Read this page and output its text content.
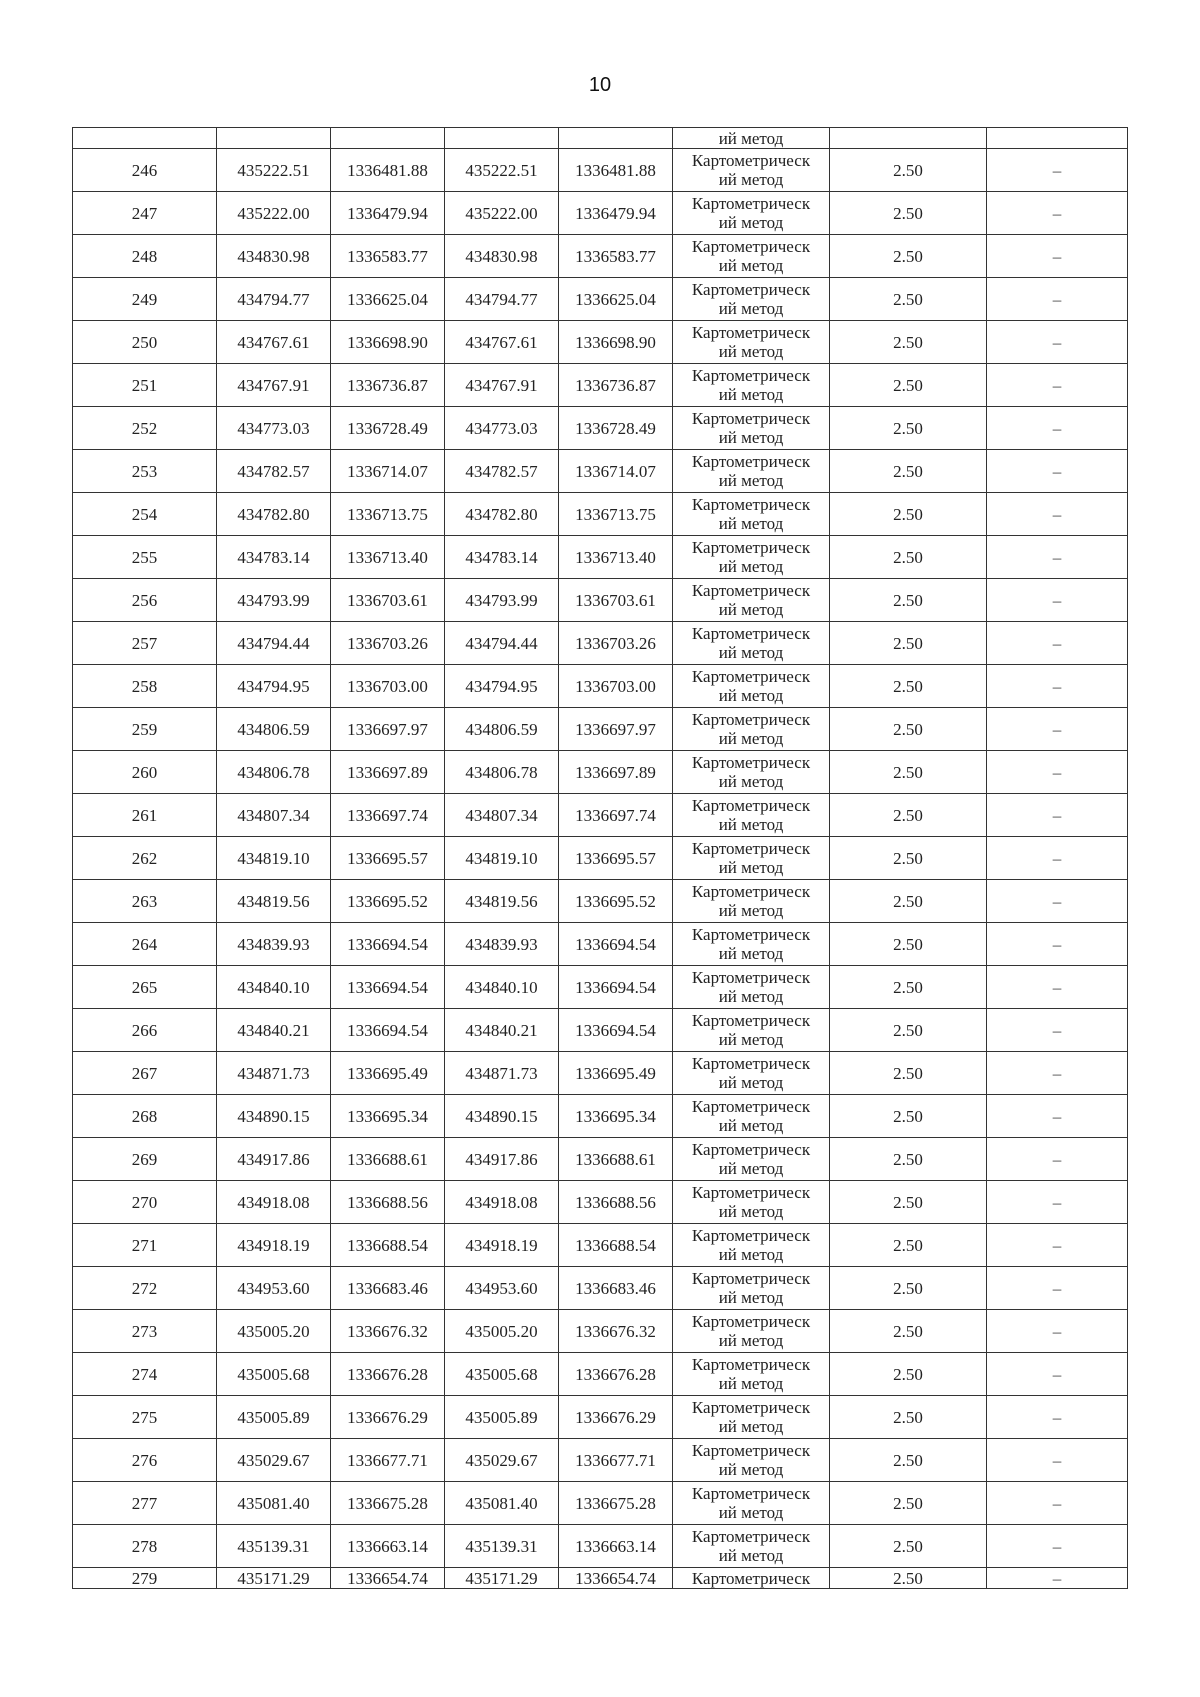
10
					ий метод		
246	435222.51	1336481.88	435222.51	1336481.88	Картометрическ
ий метод	2.50	–
247	435222.00	1336479.94	435222.00	1336479.94	Картометрическ
ий метод	2.50	–
248	434830.98	1336583.77	434830.98	1336583.77	Картометрическ
ий метод	2.50	–
249	434794.77	1336625.04	434794.77	1336625.04	Картометрическ
ий метод	2.50	–
250	434767.61	1336698.90	434767.61	1336698.90	Картометрическ
ий метод	2.50	–
251	434767.91	1336736.87	434767.91	1336736.87	Картометрическ
ий метод	2.50	–
252	434773.03	1336728.49	434773.03	1336728.49	Картометрическ
ий метод	2.50	–
253	434782.57	1336714.07	434782.57	1336714.07	Картометрическ
ий метод	2.50	–
254	434782.80	1336713.75	434782.80	1336713.75	Картометрическ
ий метод	2.50	–
255	434783.14	1336713.40	434783.14	1336713.40	Картометрическ
ий метод	2.50	–
256	434793.99	1336703.61	434793.99	1336703.61	Картометрическ
ий метод	2.50	–
257	434794.44	1336703.26	434794.44	1336703.26	Картометрическ
ий метод	2.50	–
258	434794.95	1336703.00	434794.95	1336703.00	Картометрическ
ий метод	2.50	–
259	434806.59	1336697.97	434806.59	1336697.97	Картометрическ
ий метод	2.50	–
260	434806.78	1336697.89	434806.78	1336697.89	Картометрическ
ий метод	2.50	–
261	434807.34	1336697.74	434807.34	1336697.74	Картометрическ
ий метод	2.50	–
262	434819.10	1336695.57	434819.10	1336695.57	Картометрическ
ий метод	2.50	–
263	434819.56	1336695.52	434819.56	1336695.52	Картометрическ
ий метод	2.50	–
264	434839.93	1336694.54	434839.93	1336694.54	Картометрическ
ий метод	2.50	–
265	434840.10	1336694.54	434840.10	1336694.54	Картометрическ
ий метод	2.50	–
266	434840.21	1336694.54	434840.21	1336694.54	Картометрическ
ий метод	2.50	–
267	434871.73	1336695.49	434871.73	1336695.49	Картометрическ
ий метод	2.50	–
268	434890.15	1336695.34	434890.15	1336695.34	Картометрическ
ий метод	2.50	–
269	434917.86	1336688.61	434917.86	1336688.61	Картометрическ
ий метод	2.50	–
270	434918.08	1336688.56	434918.08	1336688.56	Картометрическ
ий метод	2.50	–
271	434918.19	1336688.54	434918.19	1336688.54	Картометрическ
ий метод	2.50	–
272	434953.60	1336683.46	434953.60	1336683.46	Картометрическ
ий метод	2.50	–
273	435005.20	1336676.32	435005.20	1336676.32	Картометрическ
ий метод	2.50	–
274	435005.68	1336676.28	435005.68	1336676.28	Картометрическ
ий метод	2.50	–
275	435005.89	1336676.29	435005.89	1336676.29	Картометрическ
ий метод	2.50	–
276	435029.67	1336677.71	435029.67	1336677.71	Картометрическ
ий метод	2.50	–
277	435081.40	1336675.28	435081.40	1336675.28	Картометрическ
ий метод	2.50	–
278	435139.31	1336663.14	435139.31	1336663.14	Картометрическ
ий метод	2.50	–
279	435171.29	1336654.74	435171.29	1336654.74	Картометрическ	2.50	–
